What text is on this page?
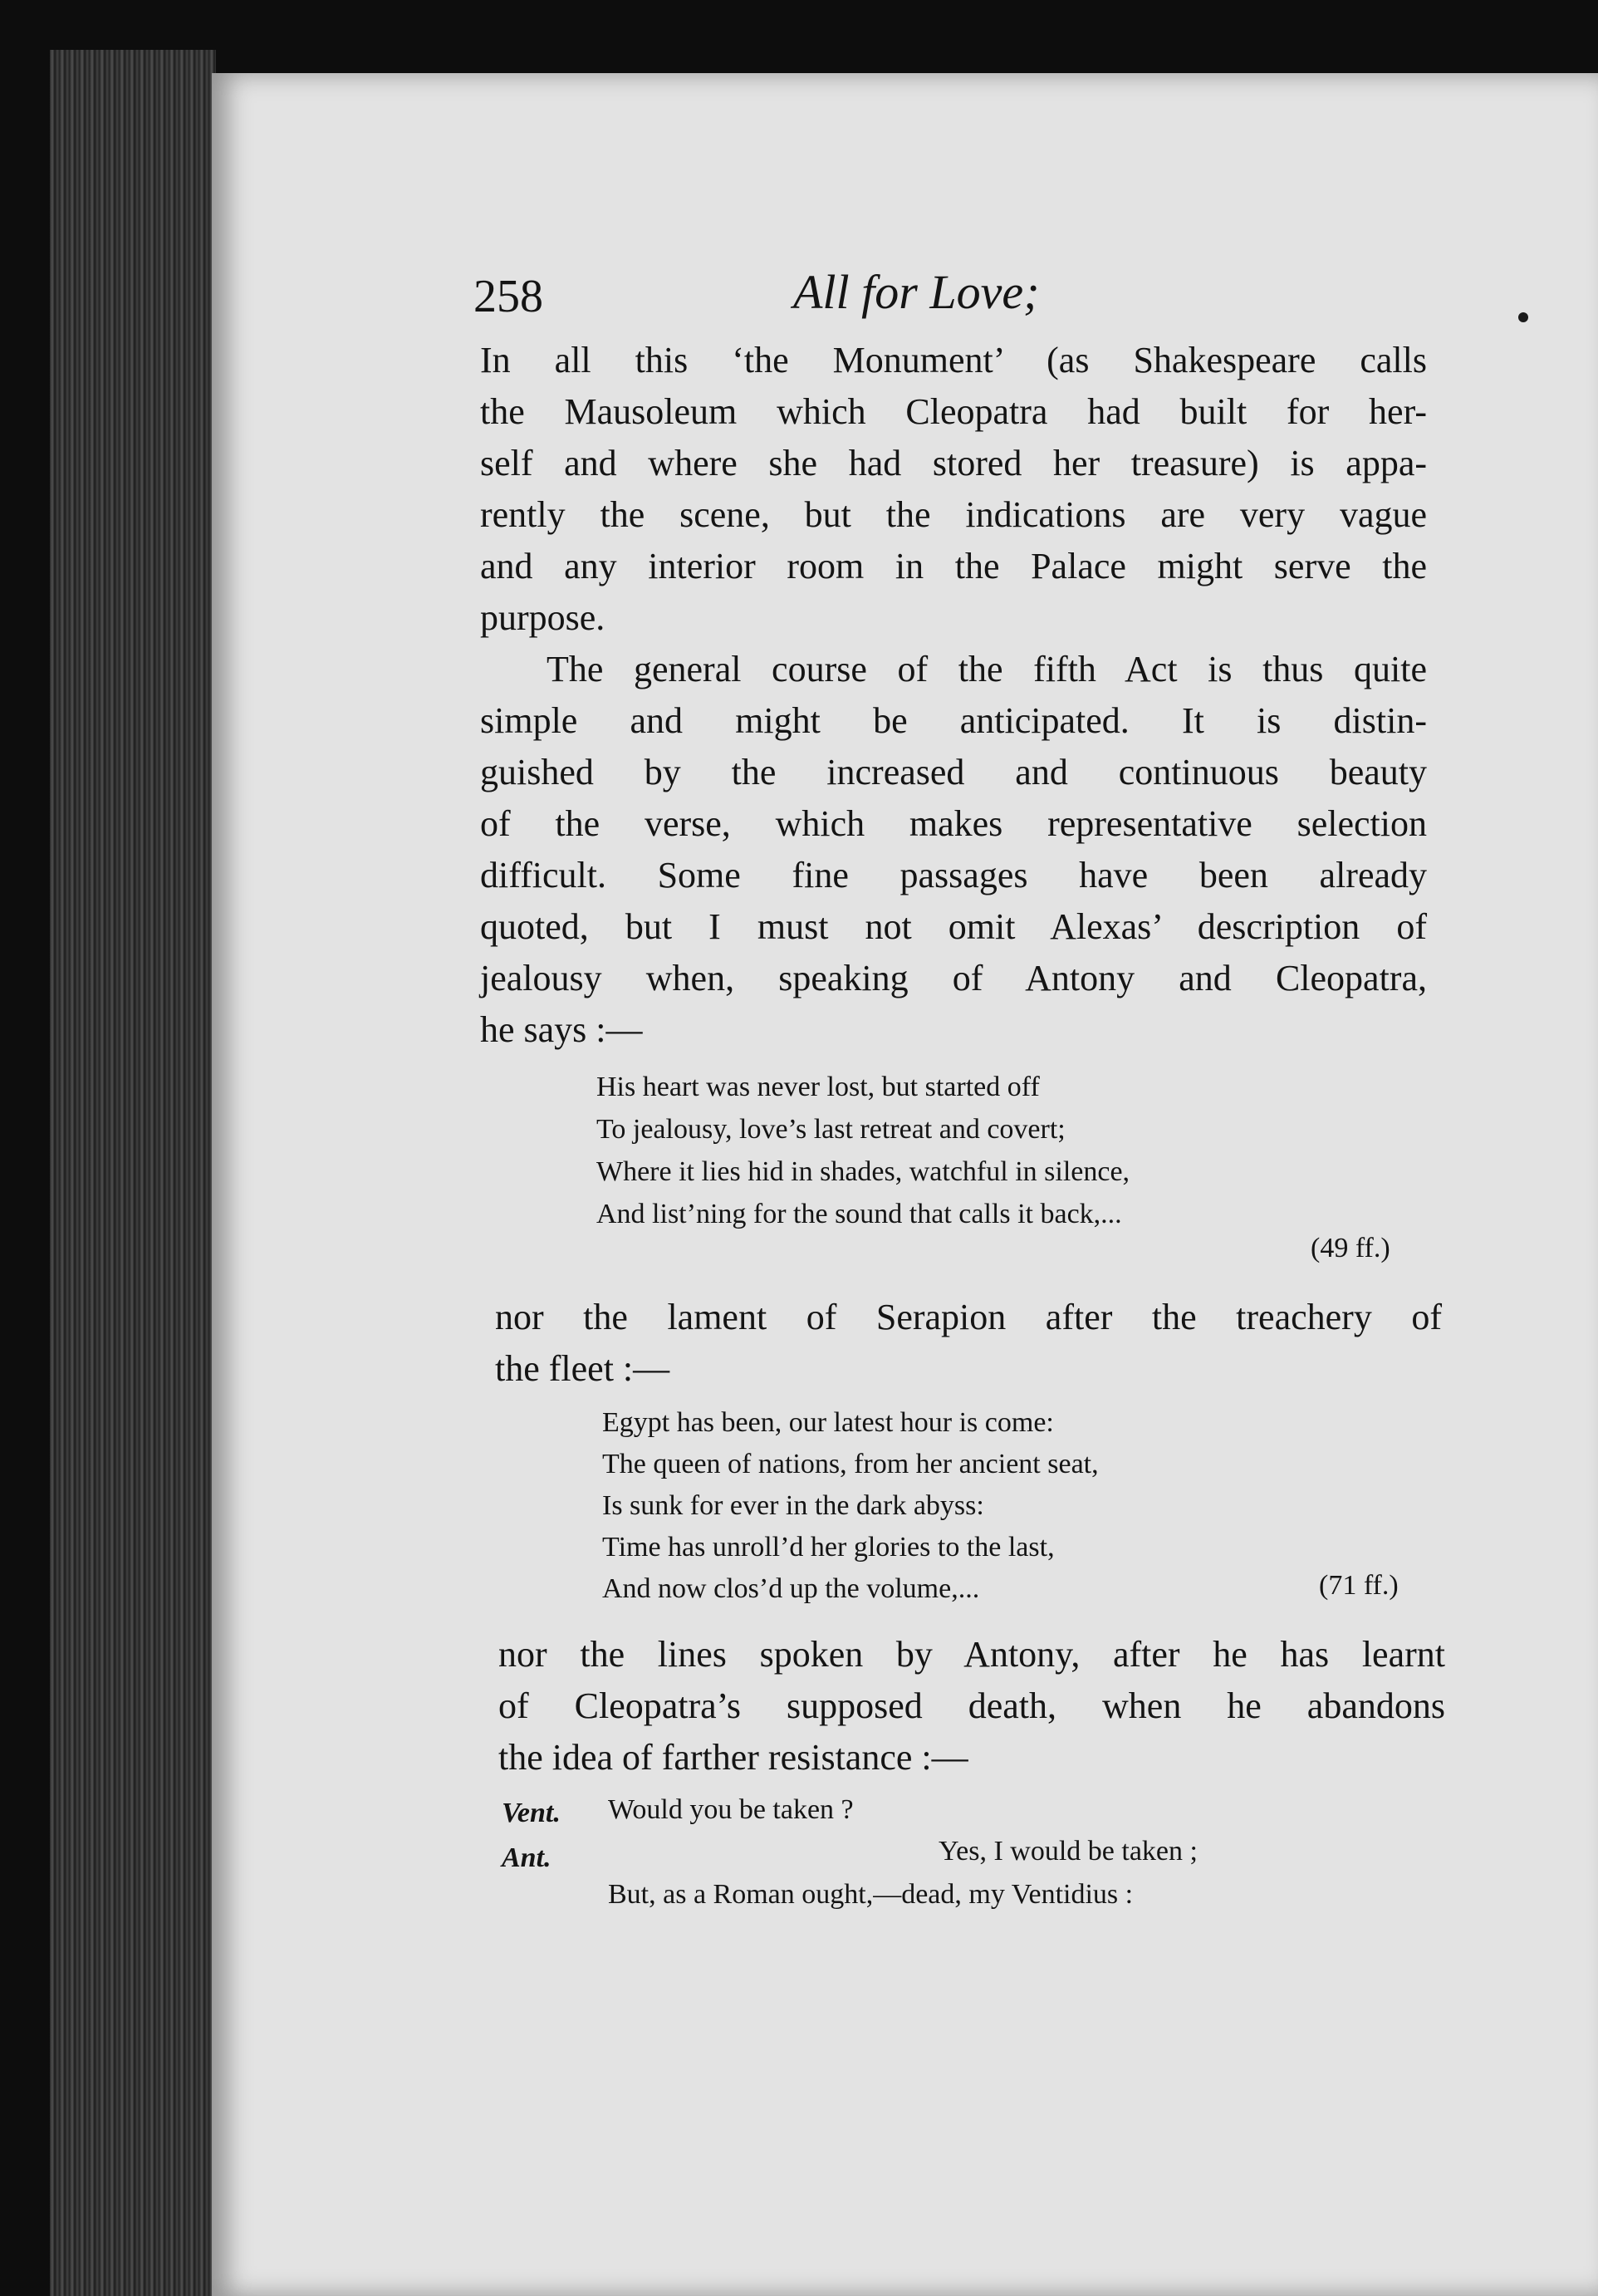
258	All for Love;
In all this ‘the Monument’ (as Shakespeare calls
the Mausoleum which Cleopatra had built for her-
self and where she had stored her treasure) is appa-
rently the scene, but the indications are very vague
and any interior room in the Palace might serve the
purpose.
The general course of the fifth Act is thus quite
simple and might be anticipated. It is distin-
guished by the increased and continuous beauty
of the verse, which makes representative selection
difficult. Some fine passages have been already
quoted, but I must not omit Alexas’ description of
jealousy when, speaking of Antony and Cleopatra,
he says :—
His heart was never lost, but started off
To jealousy, love’s last retreat and covert;
Where it lies hid in shades, watchful in silence,
And list’ning for the sound that calls it back,...
(49 ff.)
nor the lament of Serapion after the treachery of
the fleet :—
Egypt has been, our latest hour is come:
The queen of nations, from her ancient seat,
Is sunk for ever in the dark abyss:
Time has unroll’d her glories to the last,
And now clos’d up the volume,...	(71 ff.)
nor the lines spoken by Antony, after he has learnt
of Cleopatra’s supposed death, when he abandons
the idea of farther resistance :—
Vent. Would you be taken ?
Ant.	Yes, I would be taken ;
But, as a Roman ought,—dead, my Ventidius :
